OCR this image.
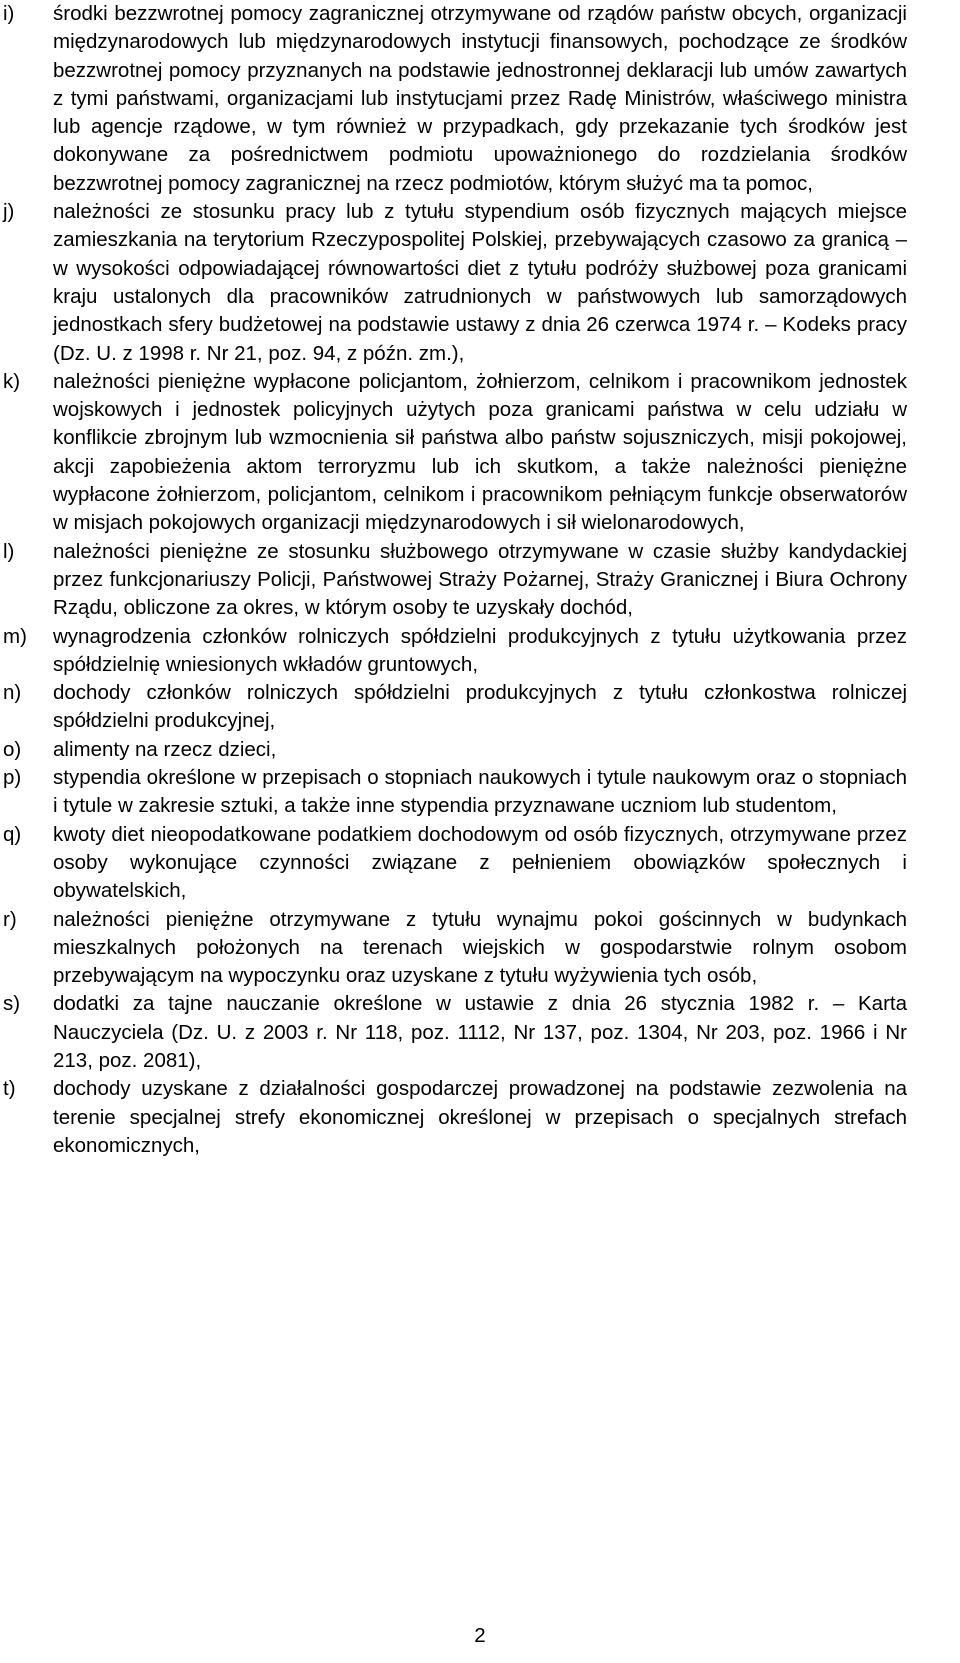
i)	środki bezzwrotnej pomocy zagranicznej otrzymywane od rządów państw obcych, organizacji międzynarodowych lub międzynarodowych instytucji finansowych, pochodzące ze środków bezzwrotnej pomocy przyznanych na podstawie jednostronnej deklaracji lub umów zawartych z tymi państwami, organizacjami lub instytucjami przez Radę Ministrów, właściwego ministra lub agencje rządowe, w tym również w przypadkach, gdy przekazanie tych środków jest dokonywane za pośrednictwem podmiotu upoważnionego do rozdzielania środków bezzwrotnej pomocy zagranicznej na rzecz podmiotów, którym służyć ma ta pomoc,
j)	należności ze stosunku pracy lub z tytułu stypendium osób fizycznych mających miejsce zamieszkania na terytorium Rzeczypospolitej Polskiej, przebywających czasowo za granicą – w wysokości odpowiadającej równowartości diet z tytułu podróży służbowej poza granicami kraju ustalonych dla pracowników zatrudnionych w państwowych lub samorządowych jednostkach sfery budżetowej na podstawie ustawy z dnia 26 czerwca 1974 r. – Kodeks pracy (Dz. U. z 1998 r. Nr 21, poz. 94, z późn. zm.),
k)	należności pieniężne wypłacone policjantom, żołnierzom, celnikom i pracownikom jednostek wojskowych i jednostek policyjnych użytych poza granicami państwa w celu udziału w konflikcie zbrojnym lub wzmocnienia sił państwa albo państw sojuszniczych, misji pokojowej, akcji zapobieżenia aktom terroryzmu lub ich skutkom, a także należności pieniężne wypłacone żołnierzom, policjantom, celnikom i pracownikom pełniącym funkcje obserwatorów w misjach pokojowych organizacji międzynarodowych i sił wielonarodowych,
l)	należności pieniężne ze stosunku służbowego otrzymywane w czasie służby kandydackiej przez funkcjonariuszy Policji, Państwowej Straży Pożarnej, Straży Granicznej i Biura Ochrony Rządu, obliczone za okres, w którym osoby te uzyskały dochód,
m)	wynagrodzenia członków rolniczych spółdzielni produkcyjnych z tytułu użytkowania przez spółdzielnię wniesionych wkładów gruntowych,
n)	dochody członków rolniczych spółdzielni produkcyjnych z tytułu członkostwa rolniczej spółdzielni produkcyjnej,
o)	alimenty na rzecz dzieci,
p)	stypendia określone w przepisach o stopniach naukowych i tytule naukowym oraz o stopniach i tytule w zakresie sztuki, a także inne stypendia przyznawane uczniom lub studentom,
q)	kwoty diet nieopodatkowane podatkiem dochodowym od osób fizycznych, otrzymywane przez osoby wykonujące czynności związane z pełnieniem obowiązków społecznych i obywatelskich,
r)	należności pieniężne otrzymywane z tytułu wynajmu pokoi gościnnych w budynkach mieszkalnych położonych na terenach wiejskich w gospodarstwie rolnym osobom przebywającym na wypoczynku oraz uzyskane z tytułu wyżywienia tych osób,
s)	dodatki za tajne nauczanie określone w ustawie z dnia 26 stycznia 1982 r. – Karta Nauczyciela (Dz. U. z 2003 r. Nr 118, poz. 1112, Nr 137, poz. 1304, Nr 203, poz. 1966 i Nr 213, poz. 2081),
t)	dochody uzyskane z działalności gospodarczej prowadzonej na podstawie zezwolenia na terenie specjalnej strefy ekonomicznej określonej w przepisach o specjalnych strefach ekonomicznych,
2
